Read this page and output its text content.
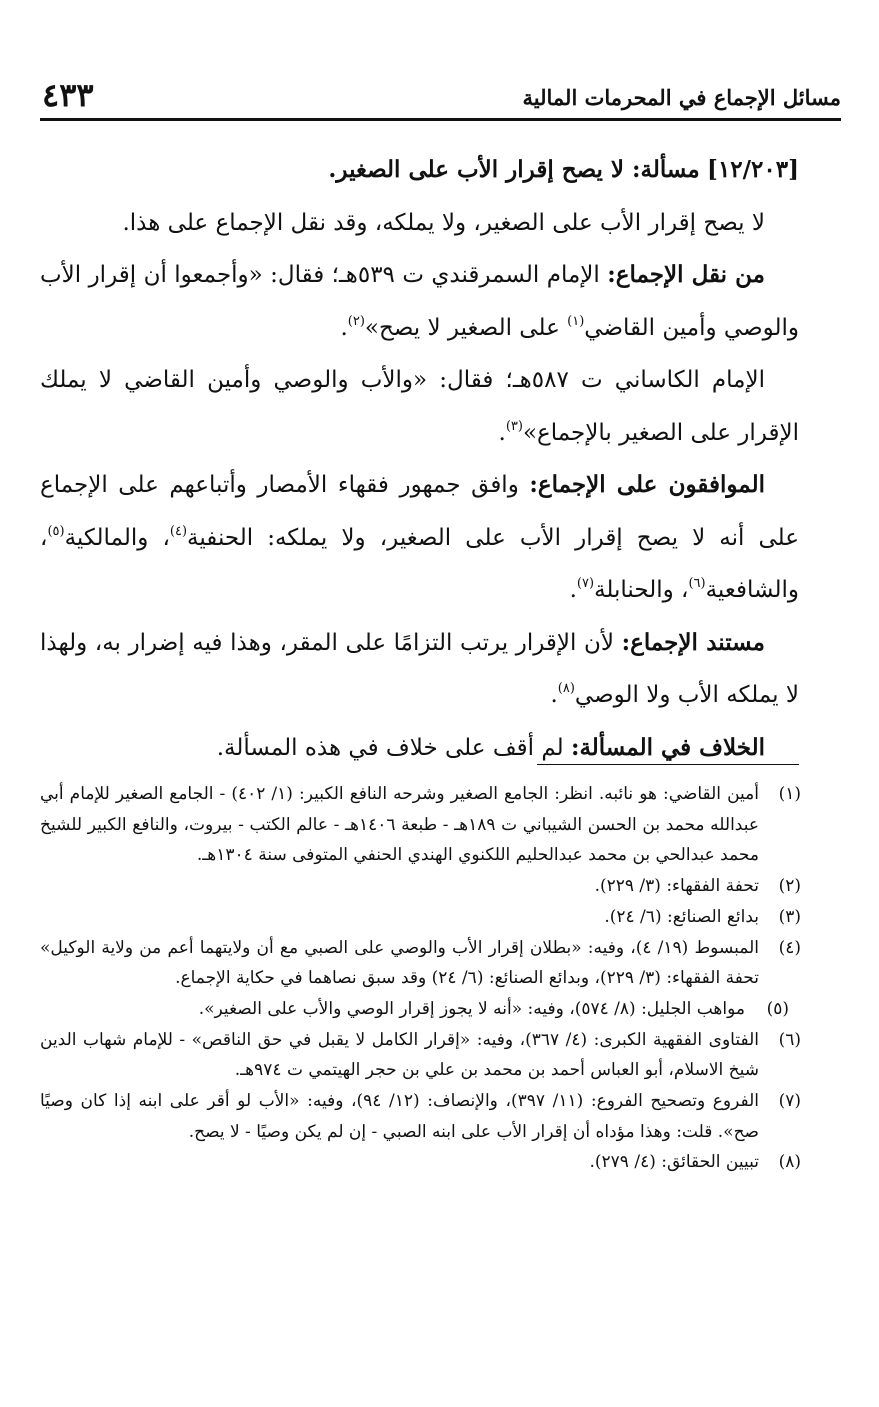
مسائل الإجماع في المحرمات المالية
٤٣٣

[١٢/٢٠٣] مسألة: لا يصح إقرار الأب على الصغير.

لا يصح إقرار الأب على الصغير، ولا يملكه، وقد نقل الإجماع على هذا.

من نقل الإجماع: الإمام السمرقندي ت ٥٣٩هـ؛ فقال: «وأجمعوا أن إقرار الأب والوصي وأمين القاضي$^{(١)}$ على الصغير لا يصح»$^{(٢)}$.

الإمام الكاساني ت ٥٨٧هـ؛ فقال: «والأب والوصي وأمين القاضي لا يملك الإقرار على الصغير بالإجماع»$^{(٣)}$.

الموافقون على الإجماع: وافق جمهور فقهاء الأمصار وأتباعهم على الإجماع على أنه لا يصح إقرار الأب على الصغير، ولا يملكه: الحنفية$^{(٤)}$، والمالكية$^{(٥)}$، والشافعية$^{(٦)}$، والحنابلة$^{(٧)}$.

مستند الإجماع: لأن الإقرار يرتب التزامًا على المقر، وهذا فيه إضرار به، ولهذا لا يملكه الأب ولا الوصي$^{(٨)}$.

الخلاف في المسألة: لم أقف على خلاف في هذه المسألة.

(١)
أمين القاضي: هو نائبه. انظر: الجامع الصغير وشرحه النافع الكبير: (١/ ٤٠٢) - الجامع الصغير للإمام أبي عبدالله محمد بن الحسن الشيباني ت ١٨٩هـ - طبعة ١٤٠٦هـ - عالم الكتب - بيروت، والنافع الكبير للشيخ محمد عبدالحي بن محمد عبدالحليم اللكنوي الهندي الحنفي المتوفى سنة ١٣٠٤هـ.
(٢)
تحفة الفقهاء: (٣/ ٢٢٩).
(٣)
بدائع الصنائع: (٦/ ٢٤).
(٤)
المبسوط (١٩/ ٤)، وفيه: «بطلان إقرار الأب والوصي على الصبي مع أن ولايتهما أعم من ولاية الوكيل» تحفة الفقهاء: (٣/ ٢٢٩)، وبدائع الصنائع: (٦/ ٢٤) وقد سبق نصاهما في حكاية الإجماع.
(٥)
مواهب الجليل: (٨/ ٥٧٤)، وفيه: «أنه لا يجوز إقرار الوصي والأب على الصغير».
(٦)
الفتاوى الفقهية الكبرى: (٤/ ٣٦٧)، وفيه: «إقرار الكامل لا يقبل في حق الناقص» - للإمام شهاب الدين شيخ الاسلام، أبو العباس أحمد بن محمد بن علي بن حجر الهيتمي ت ٩٧٤هـ.
(٧)
الفروع وتصحيح الفروع: (١١/ ٣٩٧)، والإنصاف: (١٢/ ٩٤)، وفيه: «الأب لو أقر على ابنه إذا كان وصيًا صح». قلت: وهذا مؤداه أن إقرار الأب على ابنه الصبي - إن لم يكن وصيًا - لا يصح.
(٨)
تبيين الحقائق: (٤/ ٢٧٩).
